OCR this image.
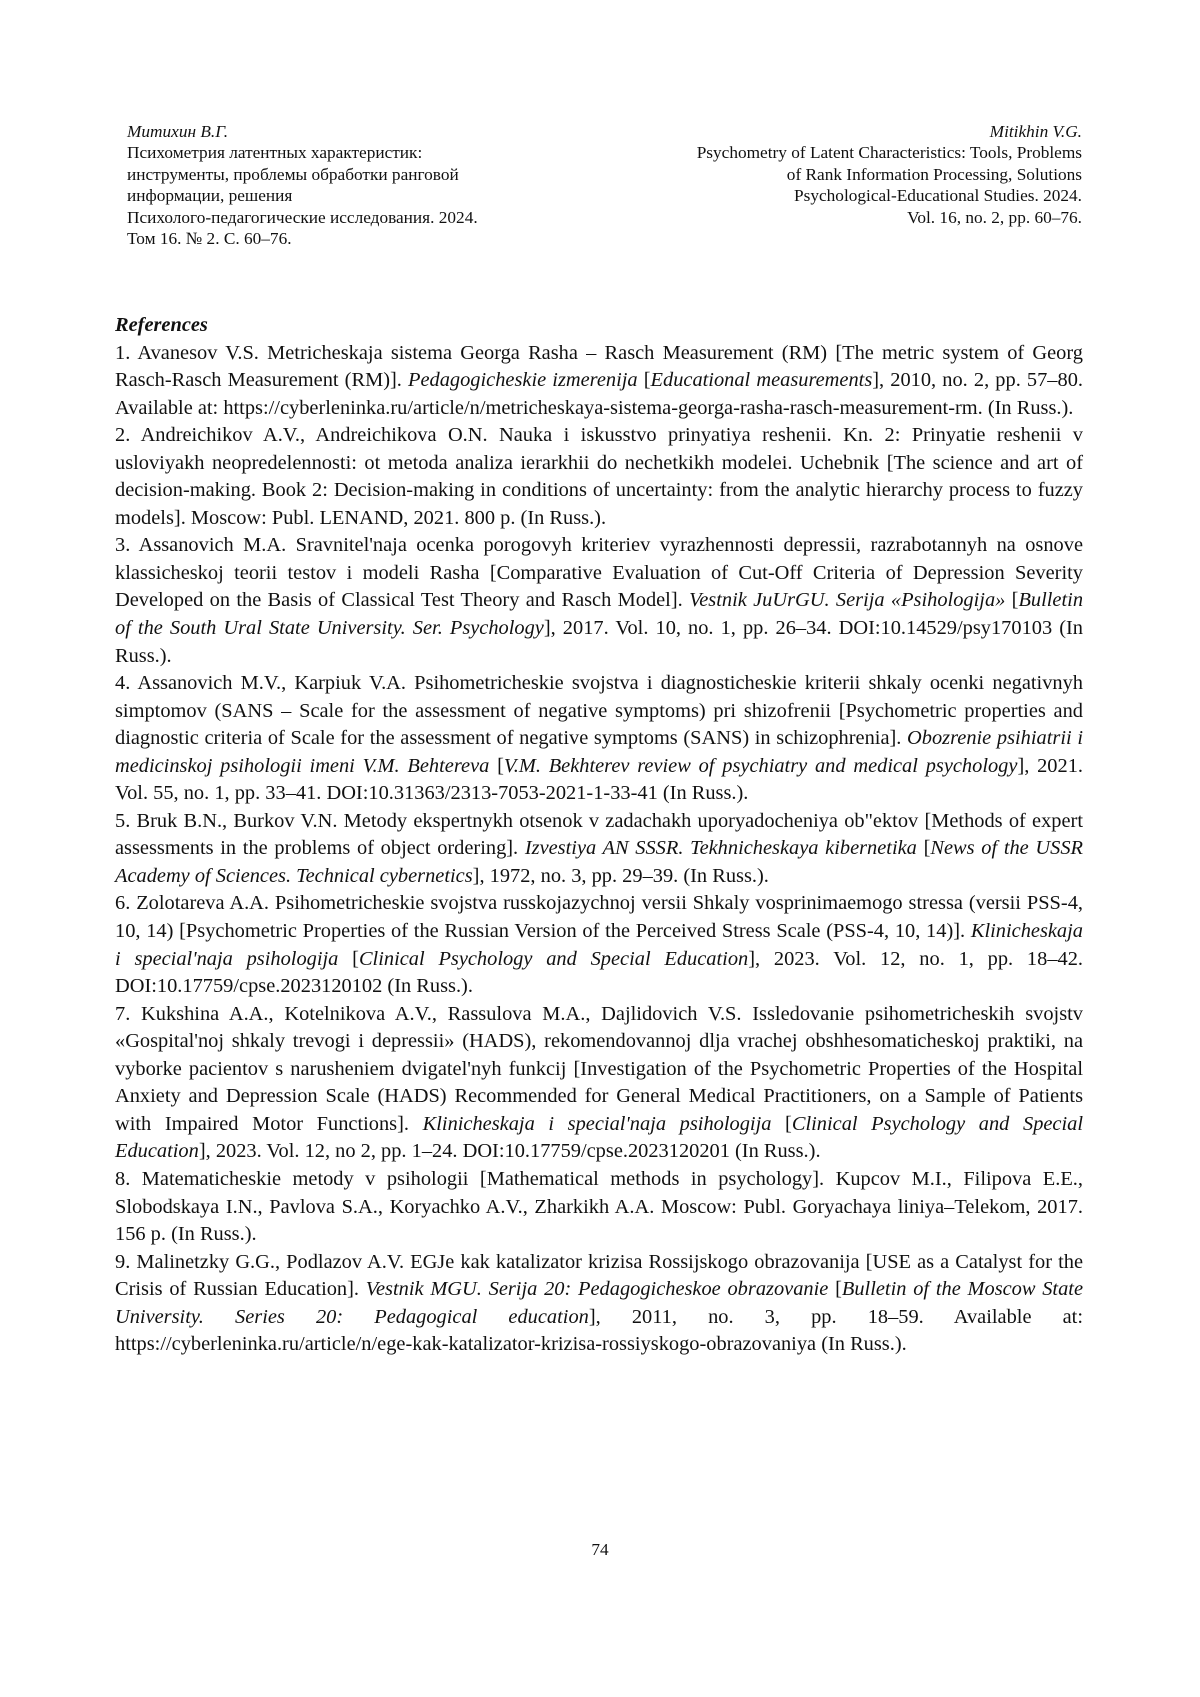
Митихин В.Г.
Психометрия латентных характеристик:
инструменты, проблемы обработки ранговой
информации, решения
Психолого-педагогические исследования. 2024.
Том 16. № 2. С. 60–76.
Mitikhin V.G.
Psychometry of Latent Characteristics: Tools, Problems
of Rank Information Processing, Solutions
Psychological-Educational Studies. 2024.
Vol. 16, no. 2, pp. 60–76.

References

1. Avanesov V.S. Metricheskaja sistema Georga Rasha – Rasch Measurement (RM) [The metric system of Georg Rasch-Rasch Measurement (RM)]. Pedagogicheskie izmerenija [Educational measurements], 2010, no. 2, pp. 57–80. Available at: https://cyberleninka.ru/article/n/metricheskaya-sistema-georga-rasha-rasch-measurement-rm. (In Russ.).

2. Andreichikov A.V., Andreichikova O.N. Nauka i iskusstvo prinyatiya reshenii. Kn. 2: Prinyatie reshenii v usloviyakh neopredelennosti: ot metoda analiza ierarkhii do nechetkikh modelei. Uchebnik [The science and art of decision-making. Book 2: Decision-making in conditions of uncertainty: from the analytic hierarchy process to fuzzy models]. Moscow: Publ. LENAND, 2021. 800 p. (In Russ.).

3. Assanovich M.A. Sravnitel'naja ocenka porogovyh kriteriev vyrazhennosti depressii, razrabotannyh na osnove klassicheskoj teorii testov i modeli Rasha [Comparative Evaluation of Cut-Off Criteria of Depression Severity Developed on the Basis of Classical Test Theory and Rasch Model]. Vestnik JuUrGU. Serija «Psihologija» [Bulletin of the South Ural State University. Ser. Psychology], 2017. Vol. 10, no. 1, pp. 26–34. DOI:10.14529/psy170103 (In Russ.).

4. Assanovich M.V., Karpiuk V.A. Psihometricheskie svojstva i diagnosticheskie kriterii shkaly ocenki negativnyh simptomov (SANS – Scale for the assessment of negative symptoms) pri shizofrenii [Psychometric properties and diagnostic criteria of Scale for the assessment of negative symptoms (SANS) in schizophrenia]. Obozrenie psihiatrii i medicinskoj psihologii imeni V.M. Behtereva [V.M. Bekhterev review of psychiatry and medical psychology], 2021. Vol. 55, no. 1, pp. 33–41. DOI:10.31363/2313-7053-2021-1-33-41 (In Russ.).

5. Bruk B.N., Burkov V.N. Metody ekspertnykh otsenok v zadachakh uporyadocheniya ob"ektov [Methods of expert assessments in the problems of object ordering]. Izvestiya AN SSSR. Tekhnicheskaya kibernetika [News of the USSR Academy of Sciences. Technical cybernetics], 1972, no. 3, pp. 29–39. (In Russ.).

6. Zolotareva A.A. Psihometricheskie svojstva russkojazychnoj versii Shkaly vosprinimaemogo stressa (versii PSS-4, 10, 14) [Psychometric Properties of the Russian Version of the Perceived Stress Scale (PSS-4, 10, 14)]. Klinicheskaja i special'naja psihologija [Clinical Psychology and Special Education], 2023. Vol. 12, no. 1, pp. 18–42. DOI:10.17759/cpse.2023120102 (In Russ.).

7. Kukshina A.A., Kotelnikova A.V., Rassulova M.A., Dajlidovich V.S. Issledovanie psihometricheskih svojstv «Gospital'noj shkaly trevogi i depressii» (HADS), rekomendovannoj dlja vrachej obshhesomaticheskoj praktiki, na vyborke pacientov s narusheniem dvigatel'nyh funkcij [Investigation of the Psychometric Properties of the Hospital Anxiety and Depression Scale (HADS) Recommended for General Medical Practitioners, on a Sample of Patients with Impaired Motor Functions]. Klinicheskaja i special'naja psihologija [Clinical Psychology and Special Education], 2023. Vol. 12, no 2, pp. 1–24. DOI:10.17759/cpse.2023120201 (In Russ.).

8. Matematicheskie metody v psihologii [Mathematical methods in psychology]. Kupcov M.I., Filipova E.E., Slobodskaya I.N., Pavlova S.A., Koryachko A.V., Zharkikh A.A. Moscow: Publ. Goryachaya liniya–Telekom, 2017. 156 p. (In Russ.).

9. Malinetzky G.G., Podlazov A.V. EGJe kak katalizator krizisa Rossijskogo obrazovanija [USE as a Catalyst for the Crisis of Russian Education]. Vestnik MGU. Serija 20: Pedagogicheskoe obrazovanie [Bulletin of the Moscow State University. Series 20: Pedagogical education], 2011, no. 3, pp. 18–59. Available at: https://cyberleninka.ru/article/n/ege-kak-katalizator-krizisa-rossiyskogo-obrazovaniya (In Russ.).

74
